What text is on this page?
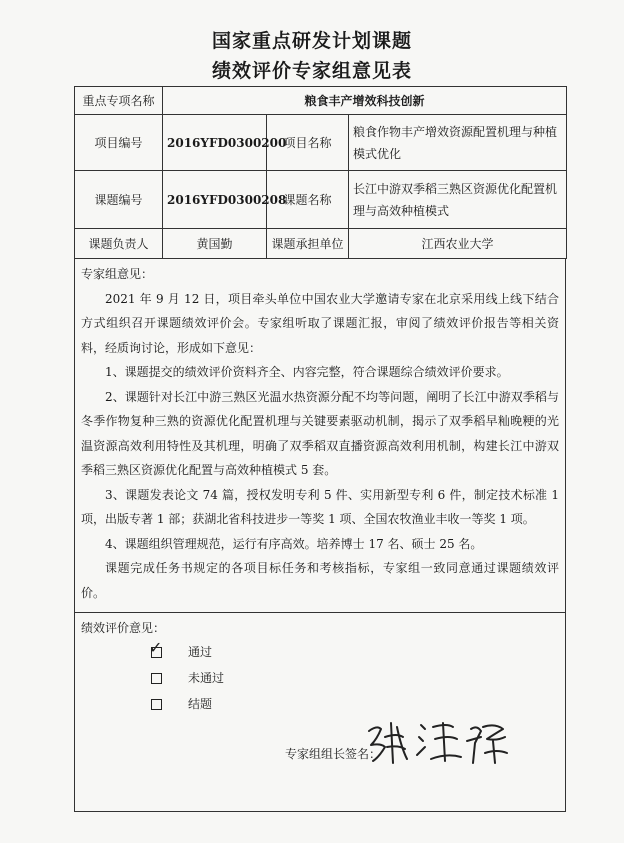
国家重点研发计划课题
绩效评价专家组意见表
重点专项名称	粮食丰产增效科技创新		
项目编号	2016YFD0300200	项目名称	粮食作物丰产增效资源配置机理与种植模式优化
课题编号	2016YFD0300208	课题名称	长江中游双季稻三熟区资源优化配置机理与高效种植模式
课题负责人	黄国勤	课题承担单位	江西农业大学

专家组意见：

2021 年 9 月 12 日，项目牵头单位中国农业大学邀请专家在北京采用线上线下结合方式组织召开课题绩效评价会。专家组听取了课题汇报，审阅了绩效评价报告等相关资料，经质询讨论，形成如下意见：

1、课题提交的绩效评价资料齐全、内容完整，符合课题综合绩效评价要求。

2、课题针对长江中游三熟区光温水热资源分配不均等问题，阐明了长江中游双季稻与冬季作物复种三熟的资源优化配置机理与关键要素驱动机制，揭示了双季稻早籼晚粳的光温资源高效利用特性及其机理，明确了双季稻双直播资源高效利用机制，构建长江中游双季稻三熟区资源优化配置与高效种植模式 5 套。

3、课题发表论文 74 篇，授权发明专利 5 件、实用新型专利 6 件，制定技术标准 1 项，出版专著 1 部；获湖北省科技进步一等奖 1 项、全国农牧渔业丰收一等奖 1 项。

4、课题组织管理规范，运行有序高效。培养博士 17 名、硕士 25 名。

课题完成任务书规定的各项目标任务和考核指标，专家组一致同意通过课题绩效评价。

绩效评价意见：
✓ 通过
未通过
结题
专家组组长签名：
